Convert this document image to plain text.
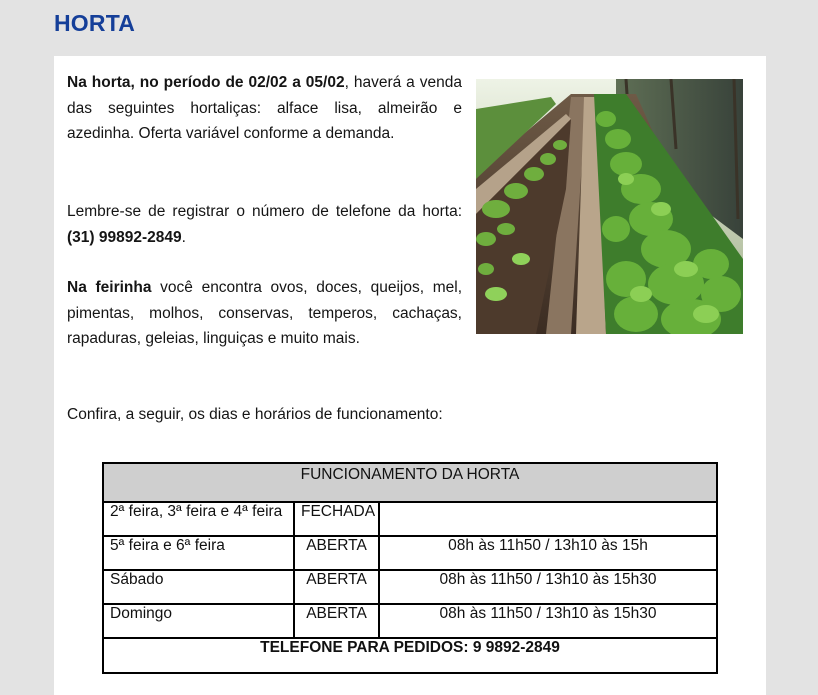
HORTA

Na horta, no período de 02/02 a 05/02, haverá a venda das seguintes hortaliças: alface lisa, almeirão e azedinha. Oferta variável conforme a demanda.

Lembre-se de registrar o número de telefone da horta: (31) 99892-2849.

Na feirinha você encontra ovos, doces, queijos, mel, pimentas, molhos, conservas, temperos, cachaças, rapaduras, geleias, linguiças e muito mais.

Confira, a seguir, os dias e horários de funcionamento:

FUNCIONAMENTO DA HORTA		
2ª feira, 3ª feira e 4ª feira	FECHADA	
5ª feira e 6ª feira	ABERTA	08h às 11h50 / 13h10 às 15h
Sábado	ABERTA	08h às 11h50 / 13h10 às 15h30
Domingo	ABERTA	08h às 11h50 / 13h10 às 15h30
TELEFONE PARA PEDIDOS: 9 9892-2849		
